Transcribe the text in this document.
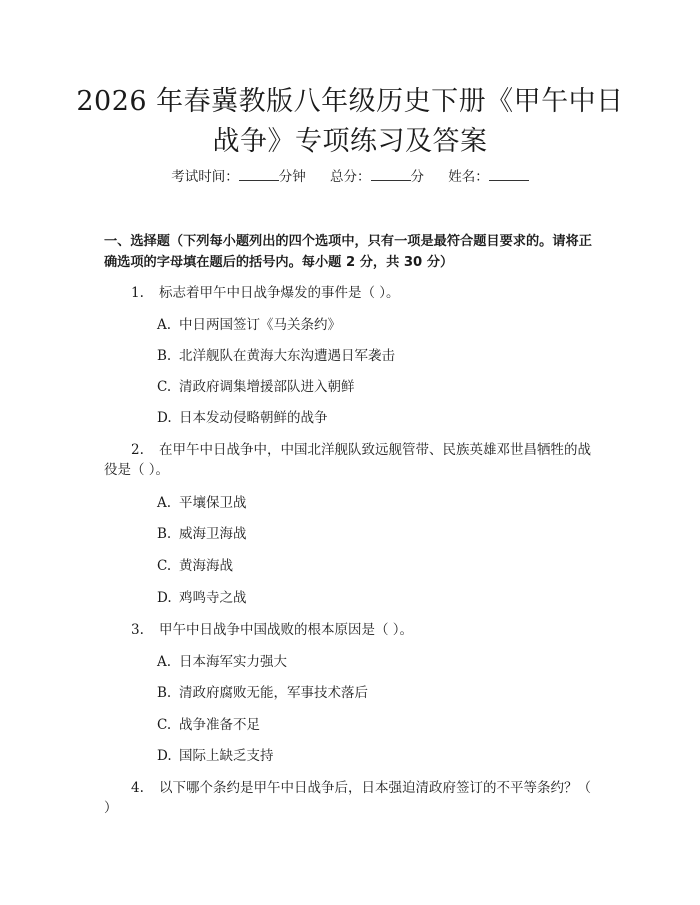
2026 年春冀教版八年级历史下册《甲午中日
战争》专项练习及答案
考试时间：	分钟 总分：	分 姓名：
一、选择题（下列每小题列出的四个选项中，只有一项是最符合题目要求的。请将正确选项的字母填在题后的括号内。每小题 2 分，共 30 分）
1. 标志着甲午中日战争爆发的事件是（ ）。
A. 中日两国签订《马关条约》
B. 北洋舰队在黄海大东沟遭遇日军袭击
C. 清政府调集增援部队进入朝鲜
D. 日本发动侵略朝鲜的战争
2. 在甲午中日战争中，中国北洋舰队致远舰管带、民族英雄邓世昌牺牲的战役是（ ）。
A. 平壤保卫战
B. 威海卫海战
C. 黄海海战
D. 鸡鸣寺之战
3. 甲午中日战争中国战败的根本原因是（ ）。
A. 日本海军实力强大
B. 清政府腐败无能，军事技术落后
C. 战争准备不足
D. 国际上缺乏支持
4. 以下哪个条约是甲午中日战争后，日本强迫清政府签订的不平等条约？（ ）
